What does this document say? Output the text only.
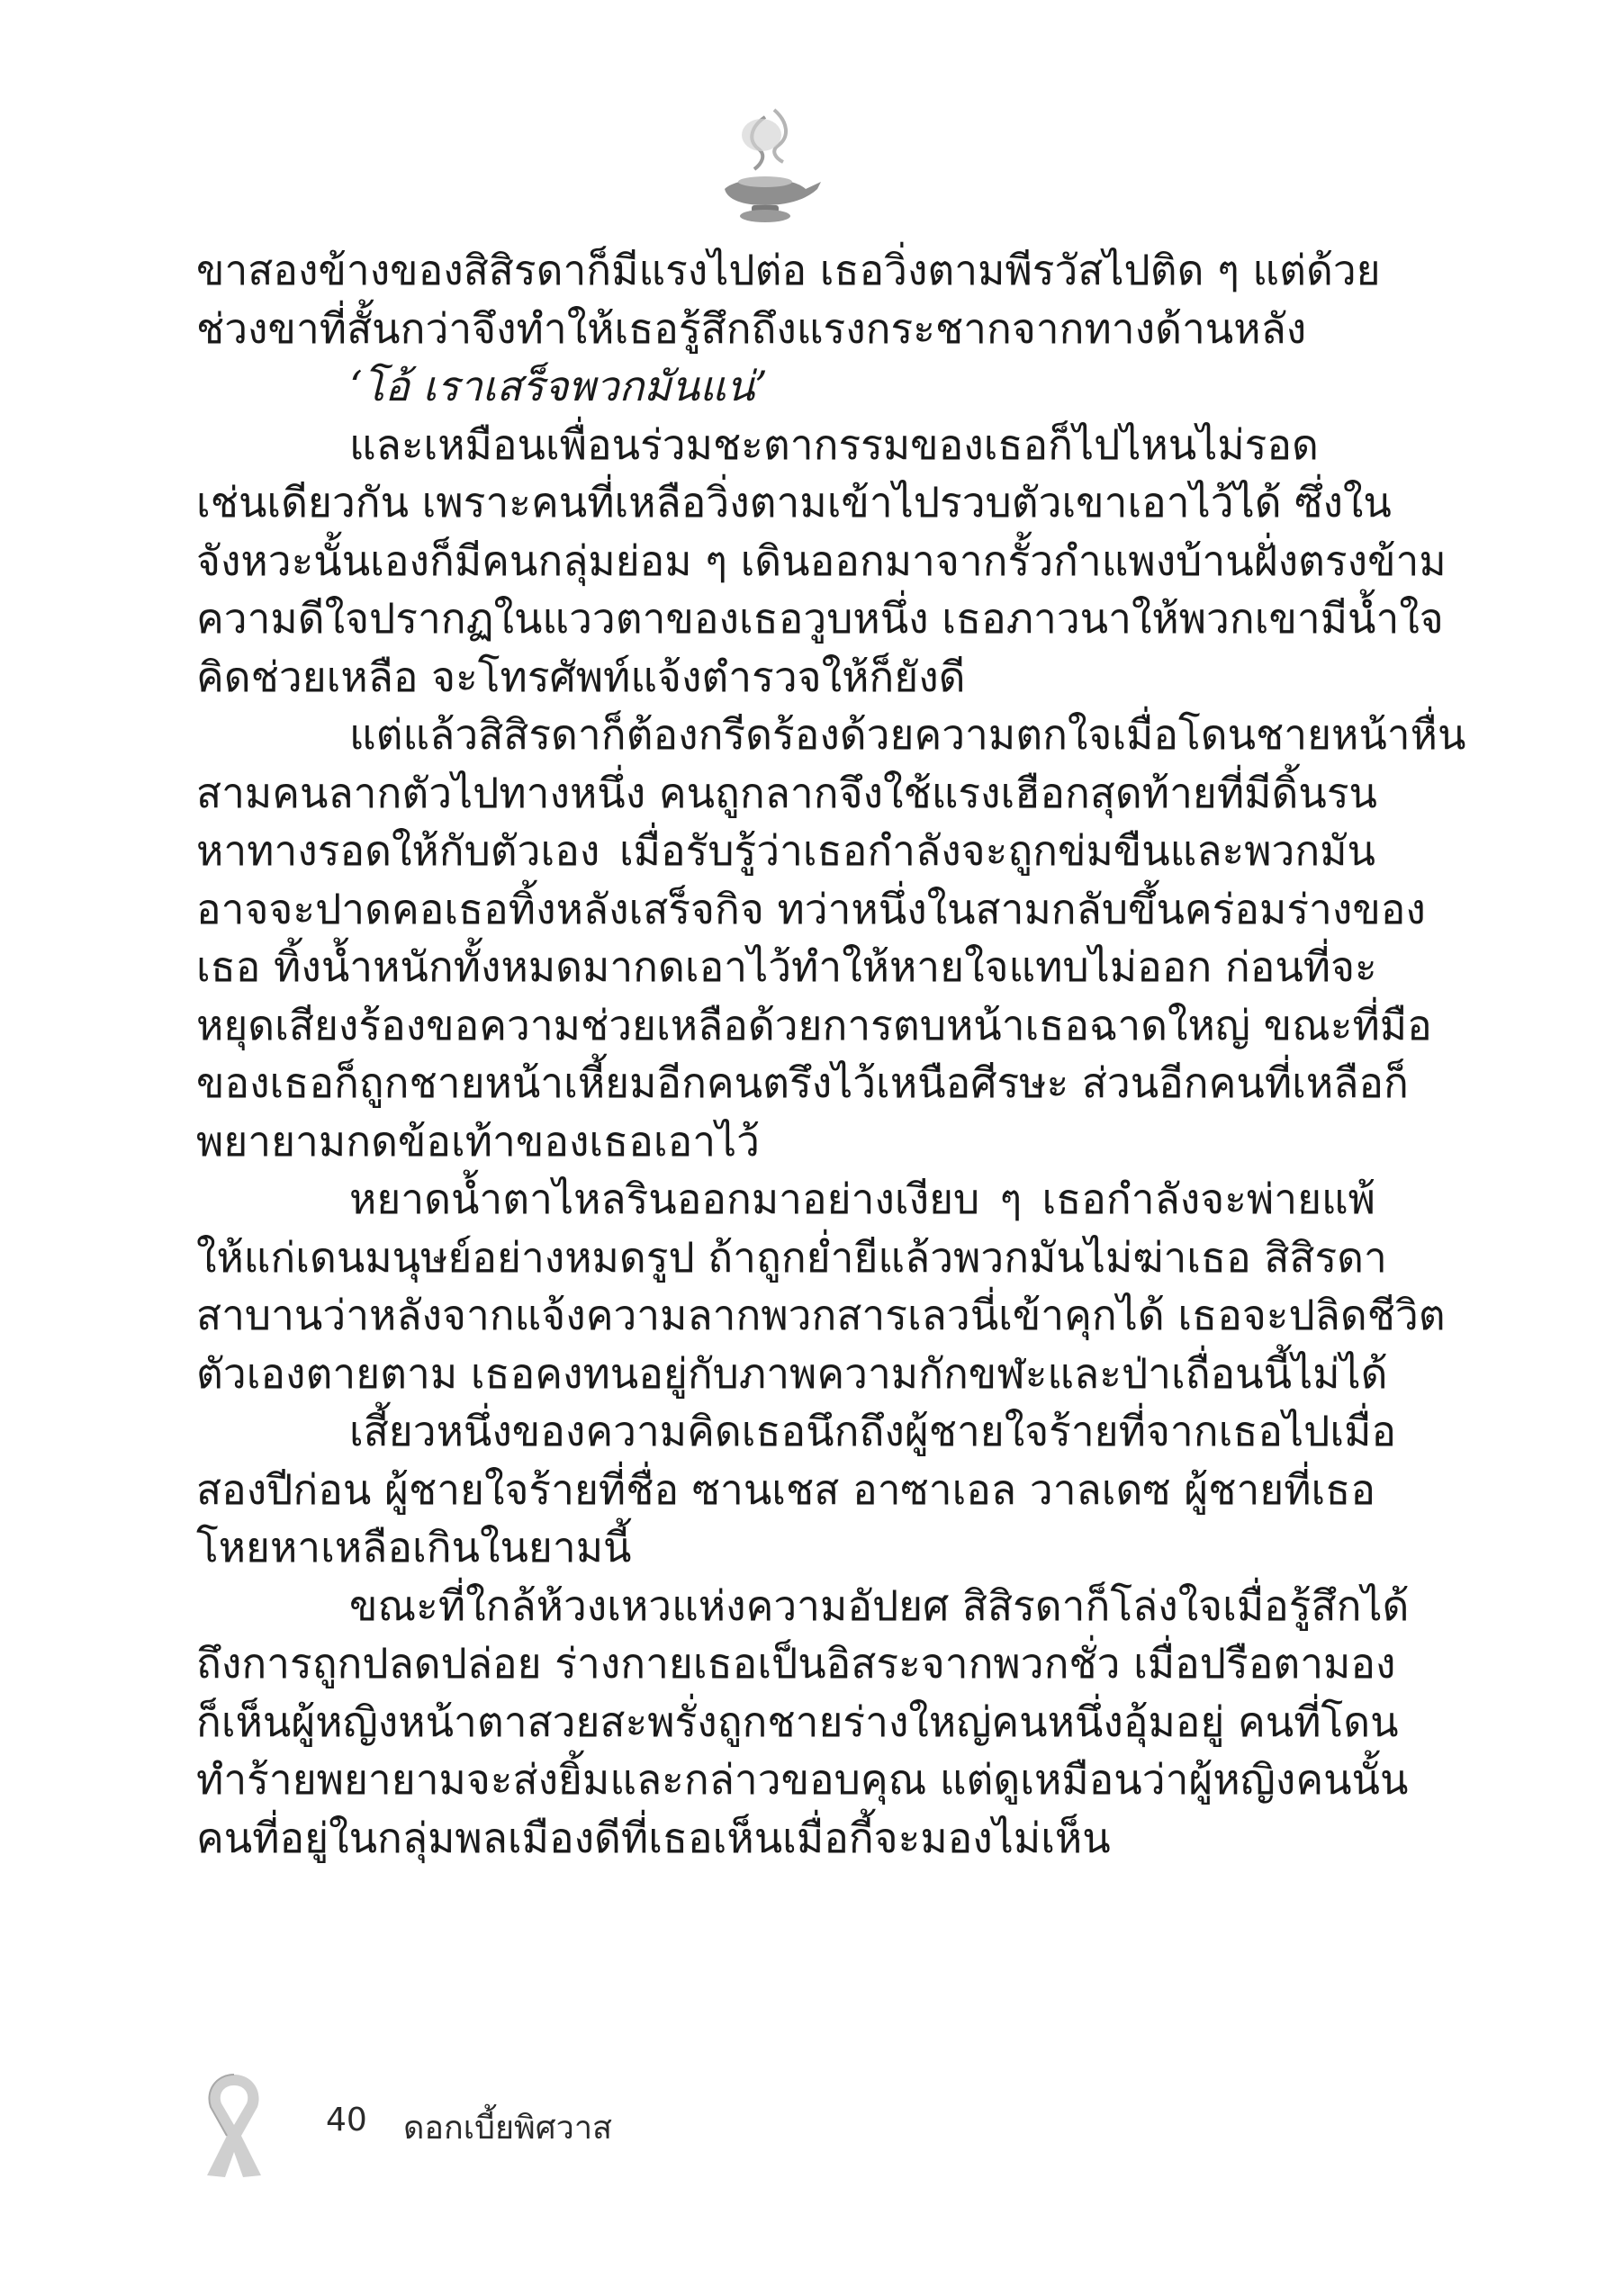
ขาสองข้างของสิสิรดาก็มีแรงไปต่อ เธอวิ่งตามพีรวัสไปติด ๆ แต่ด้วย
ช่วงขาที่สั้นกว่าจึงทำให้เธอรู้สึกถึงแรงกระชากจากทางด้านหลัง
‘โอ้ เราเสร็จพวกมันแน่’
และเหมือนเพื่อนร่วมชะตากรรมของเธอก็ไปไหนไม่รอด
เช่นเดียวกัน เพราะคนที่เหลือวิ่งตามเข้าไปรวบตัวเขาเอาไว้ได้ ซึ่งใน
จังหวะนั้นเองก็มีคนกลุ่มย่อม ๆ เดินออกมาจากรั้วกำแพงบ้านฝั่งตรงข้าม
ความดีใจปรากฏในแววตาของเธอวูบหนึ่ง เธอภาวนาให้พวกเขามีน้ำใจ
คิดช่วยเหลือ จะโทรศัพท์แจ้งตำรวจให้ก็ยังดี
แต่แล้วสิสิรดาก็ต้องกรีดร้องด้วยความตกใจเมื่อโดนชายหน้าหื่น
สามคนลากตัวไปทางหนึ่ง คนถูกลากจึงใช้แรงเฮือกสุดท้ายที่มีดิ้นรน
หาทางรอดให้กับตัวเอง เมื่อรับรู้ว่าเธอกำลังจะถูกข่มขืนและพวกมัน
อาจจะปาดคอเธอทิ้งหลังเสร็จกิจ ทว่าหนึ่งในสามกลับขึ้นคร่อมร่างของ
เธอ ทิ้งน้ำหนักทั้งหมดมากดเอาไว้ทำให้หายใจแทบไม่ออก ก่อนที่จะ
หยุดเสียงร้องขอความช่วยเหลือด้วยการตบหน้าเธอฉาดใหญ่ ขณะที่มือ
ของเธอก็ถูกชายหน้าเหี้ยมอีกคนตรึงไว้เหนือศีรษะ ส่วนอีกคนที่เหลือก็
พยายามกดข้อเท้าของเธอเอาไว้
หยาดน้ำตาไหลรินออกมาอย่างเงียบ ๆ เธอกำลังจะพ่ายแพ้
ให้แก่เดนมนุษย์อย่างหมดรูป ถ้าถูกย่ำยีแล้วพวกมันไม่ฆ่าเธอ สิสิรดา
สาบานว่าหลังจากแจ้งความลากพวกสารเลวนี่เข้าคุกได้ เธอจะปลิดชีวิต
ตัวเองตายตาม เธอคงทนอยู่กับภาพความกักขฬะและป่าเถื่อนนี้ไม่ได้
เสี้ยวหนึ่งของความคิดเธอนึกถึงผู้ชายใจร้ายที่จากเธอไปเมื่อ
สองปีก่อน ผู้ชายใจร้ายที่ชื่อ ซานเชส อาซาเอล วาลเดซ ผู้ชายที่เธอ
โหยหาเหลือเกินในยามนี้
ขณะที่ใกล้ห้วงเหวแห่งความอัปยศ สิสิรดาก็โล่งใจเมื่อรู้สึกได้
ถึงการถูกปลดปล่อย ร่างกายเธอเป็นอิสระจากพวกชั่ว เมื่อปรือตามอง
ก็เห็นผู้หญิงหน้าตาสวยสะพรั่งถูกชายร่างใหญ่คนหนึ่งอุ้มอยู่ คนที่โดน
ทำร้ายพยายามจะส่งยิ้มและกล่าวขอบคุณ แต่ดูเหมือนว่าผู้หญิงคนนั้น
คนที่อยู่ในกลุ่มพลเมืองดีที่เธอเห็นเมื่อกี้จะมองไม่เห็น
40 ดอกเบี้ยพิศวาส
